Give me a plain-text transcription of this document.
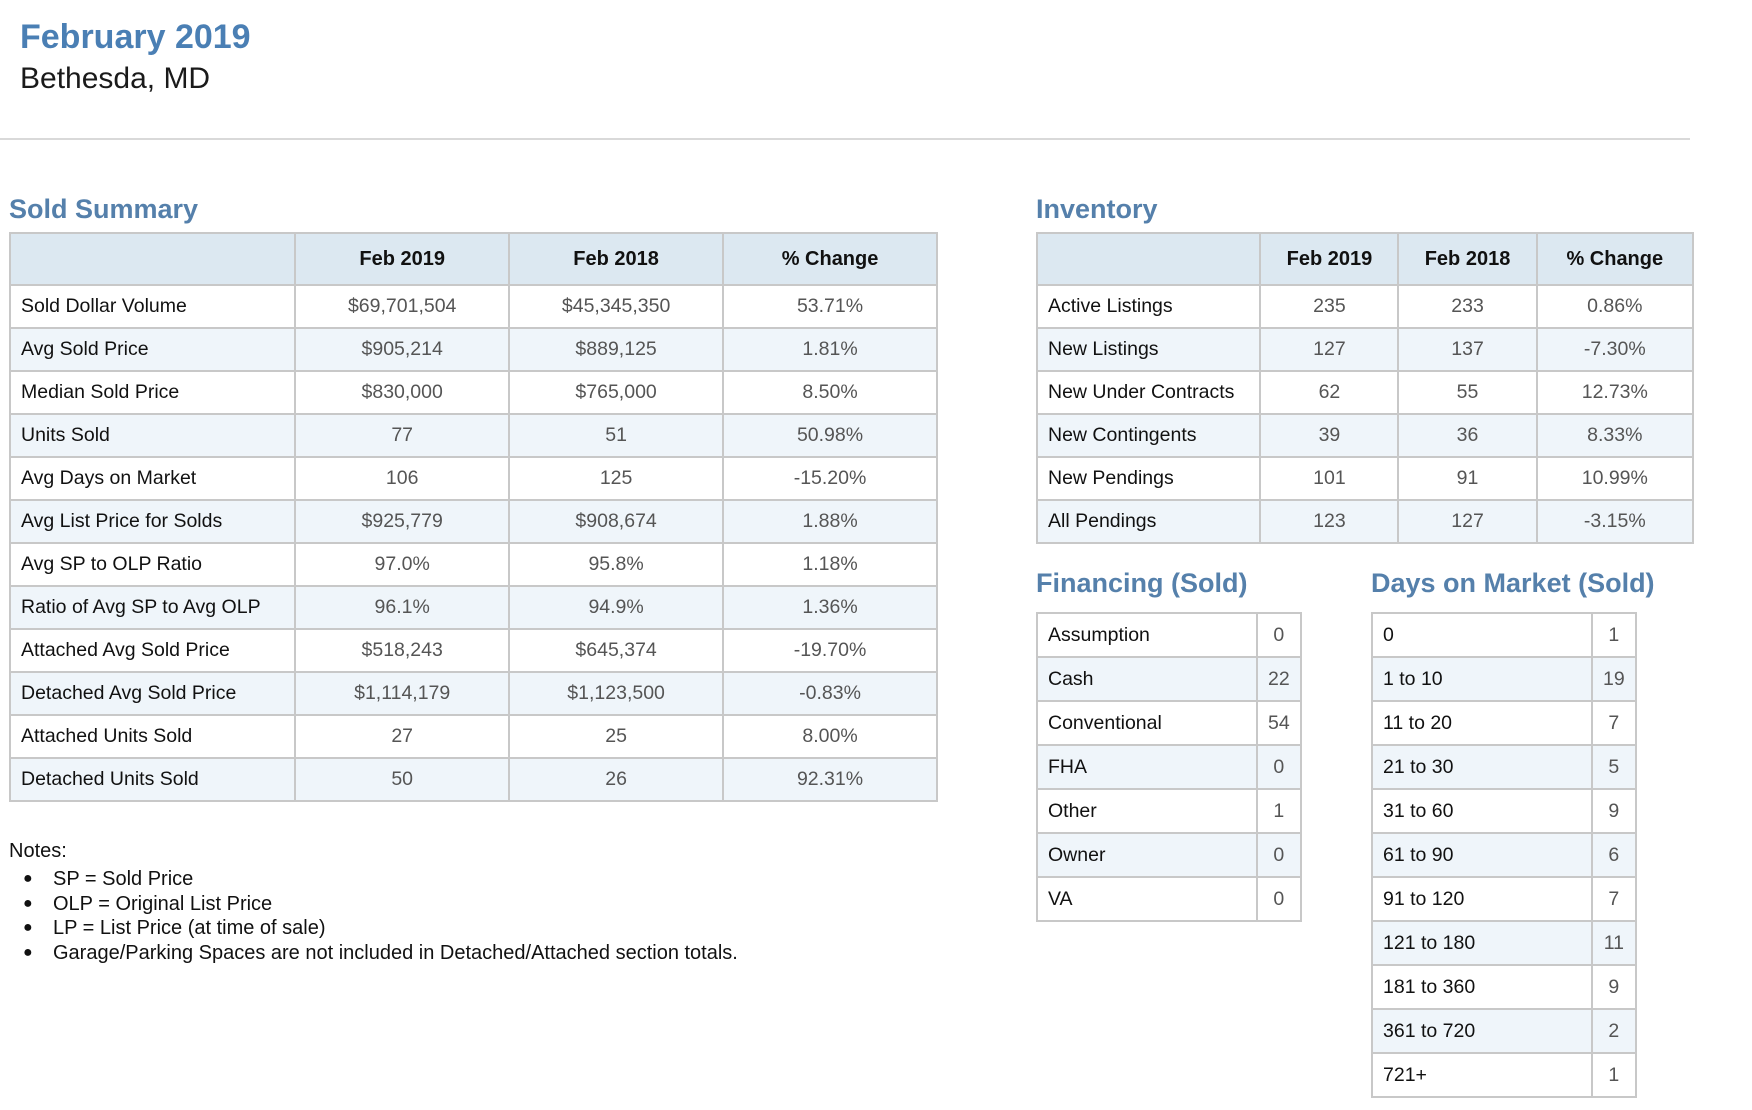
February 2019
Bethesda, MD
Sold Summary
	Feb 2019	Feb 2018	% Change
Sold Dollar Volume	$69,701,504	$45,345,350	53.71%
Avg Sold Price	$905,214	$889,125	1.81%
Median Sold Price	$830,000	$765,000	8.50%
Units Sold	77	51	50.98%
Avg Days on Market	106	125	-15.20%
Avg List Price for Solds	$925,779	$908,674	1.88%
Avg SP to OLP Ratio	97.0%	95.8%	1.18%
Ratio of Avg SP to Avg OLP	96.1%	94.9%	1.36%
Attached Avg Sold Price	$518,243	$645,374	-19.70%
Detached Avg Sold Price	$1,114,179	$1,123,500	-0.83%
Attached Units Sold	27	25	8.00%
Detached Units Sold	50	26	92.31%
Inventory
	Feb 2019	Feb 2018	% Change
Active Listings	235	233	0.86%
New Listings	127	137	-7.30%
New Under Contracts	62	55	12.73%
New Contingents	39	36	8.33%
New Pendings	101	91	10.99%
All Pendings	123	127	-3.15%
Financing (Sold)
Assumption	0
Cash	22
Conventional	54
FHA	0
Other	1
Owner	0
VA	0
Days on Market (Sold)
0	1
1 to 10	19
11 to 20	7
21 to 30	5
31 to 60	9
61 to 90	6
91 to 120	7
121 to 180	11
181 to 360	9
361 to 720	2
721+	1
Notes:
● SP = Sold Price
● OLP = Original List Price
● LP = List Price (at time of sale)
● Garage/Parking Spaces are not included in Detached/Attached section totals.
